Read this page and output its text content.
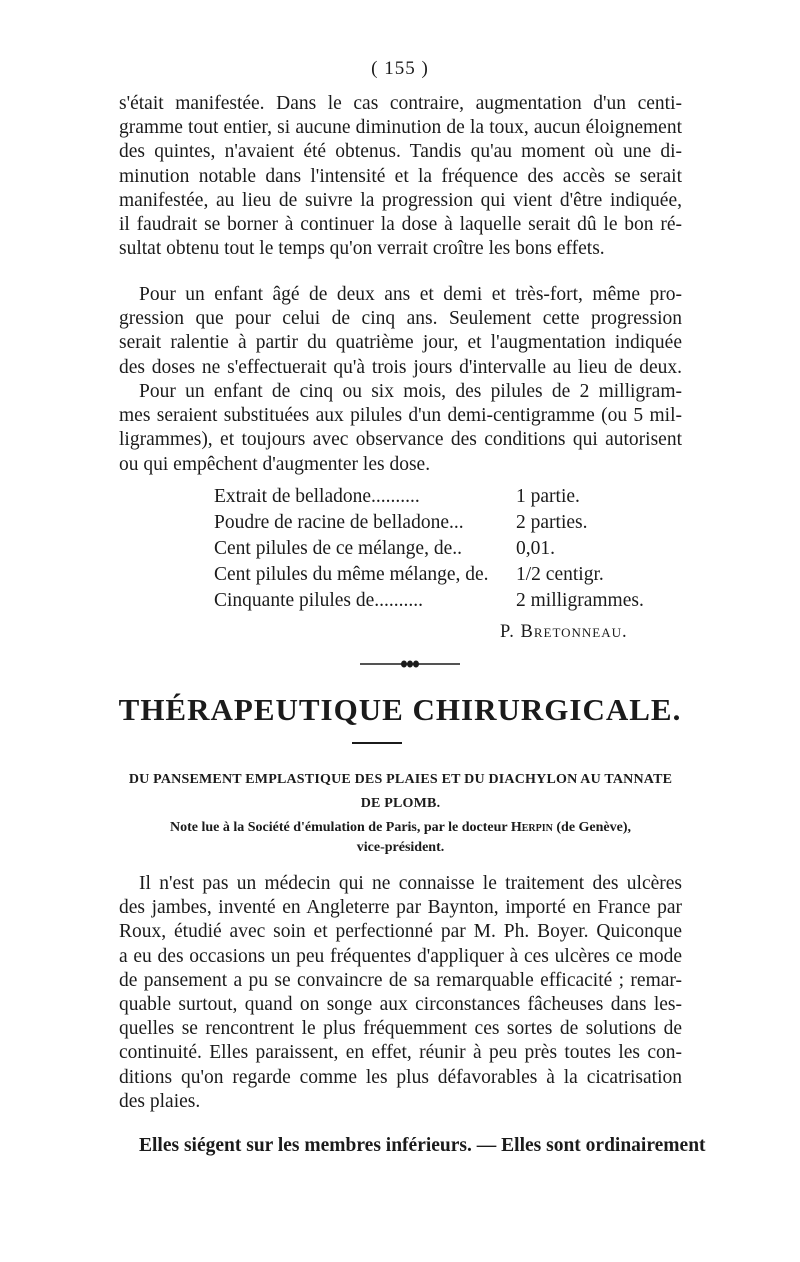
( 155 )
s'était manifestée. Dans le cas contraire, augmentation d'un centi-
gramme tout entier, si aucune diminution de la toux, aucun éloignement
des quintes, n'avaient été obtenus. Tandis qu'au moment où une di-
minution notable dans l'intensité et la fréquence des accès se serait
manifestée, au lieu de suivre la progression qui vient d'être indiquée,
il faudrait se borner à continuer la dose à laquelle serait dû le bon ré-
sultat obtenu tout le temps qu'on verrait croître les bons effets.
Pour un enfant âgé de deux ans et demi et très-fort, même pro-
gression que pour celui de cinq ans. Seulement cette progression
serait ralentie à partir du quatrième jour, et l'augmentation indiquée
des doses ne s'effectuerait qu'à trois jours d'intervalle au lieu de deux.
Pour un enfant de cinq ou six mois, des pilules de 2 milligram-
mes seraient substituées aux pilules d'un demi-centigramme (ou 5 mil-
ligrammes), et toujours avec observance des conditions qui autorisent
ou qui empêchent d'augmenter les dose.
Extrait de belladone..........	1 partie.
Poudre de racine de belladone...	2 parties.
Cent pilules de ce mélange, de..	0,01.
Cent pilules du même mélange, de.	1/2 centigr.
Cinquante pilules de..........	2 milligrammes.
P. Bretonneau.
THÉRAPEUTIQUE CHIRURGICALE.
DU PANSEMENT EMPLASTIQUE DES PLAIES ET DU DIACHYLON AU TANNATE
DE PLOMB.
Note lue à la Société d'émulation de Paris, par le docteur Herpin (de Genève),
vice-président.
Il n'est pas un médecin qui ne connaisse le traitement des ulcères
des jambes, inventé en Angleterre par Baynton, importé en France par
Roux, étudié avec soin et perfectionné par M. Ph. Boyer. Quiconque
a eu des occasions un peu fréquentes d'appliquer à ces ulcères ce mode
de pansement a pu se convaincre de sa remarquable efficacité ; remar-
quable surtout, quand on songe aux circonstances fâcheuses dans les-
quelles se rencontrent le plus fréquemment ces sortes de solutions de
continuité. Elles paraissent, en effet, réunir à peu près toutes les con-
ditions qu'on regarde comme les plus défavorables à la cicatrisation
des plaies.
Elles siégent sur les membres inférieurs. — Elles sont ordinairement
